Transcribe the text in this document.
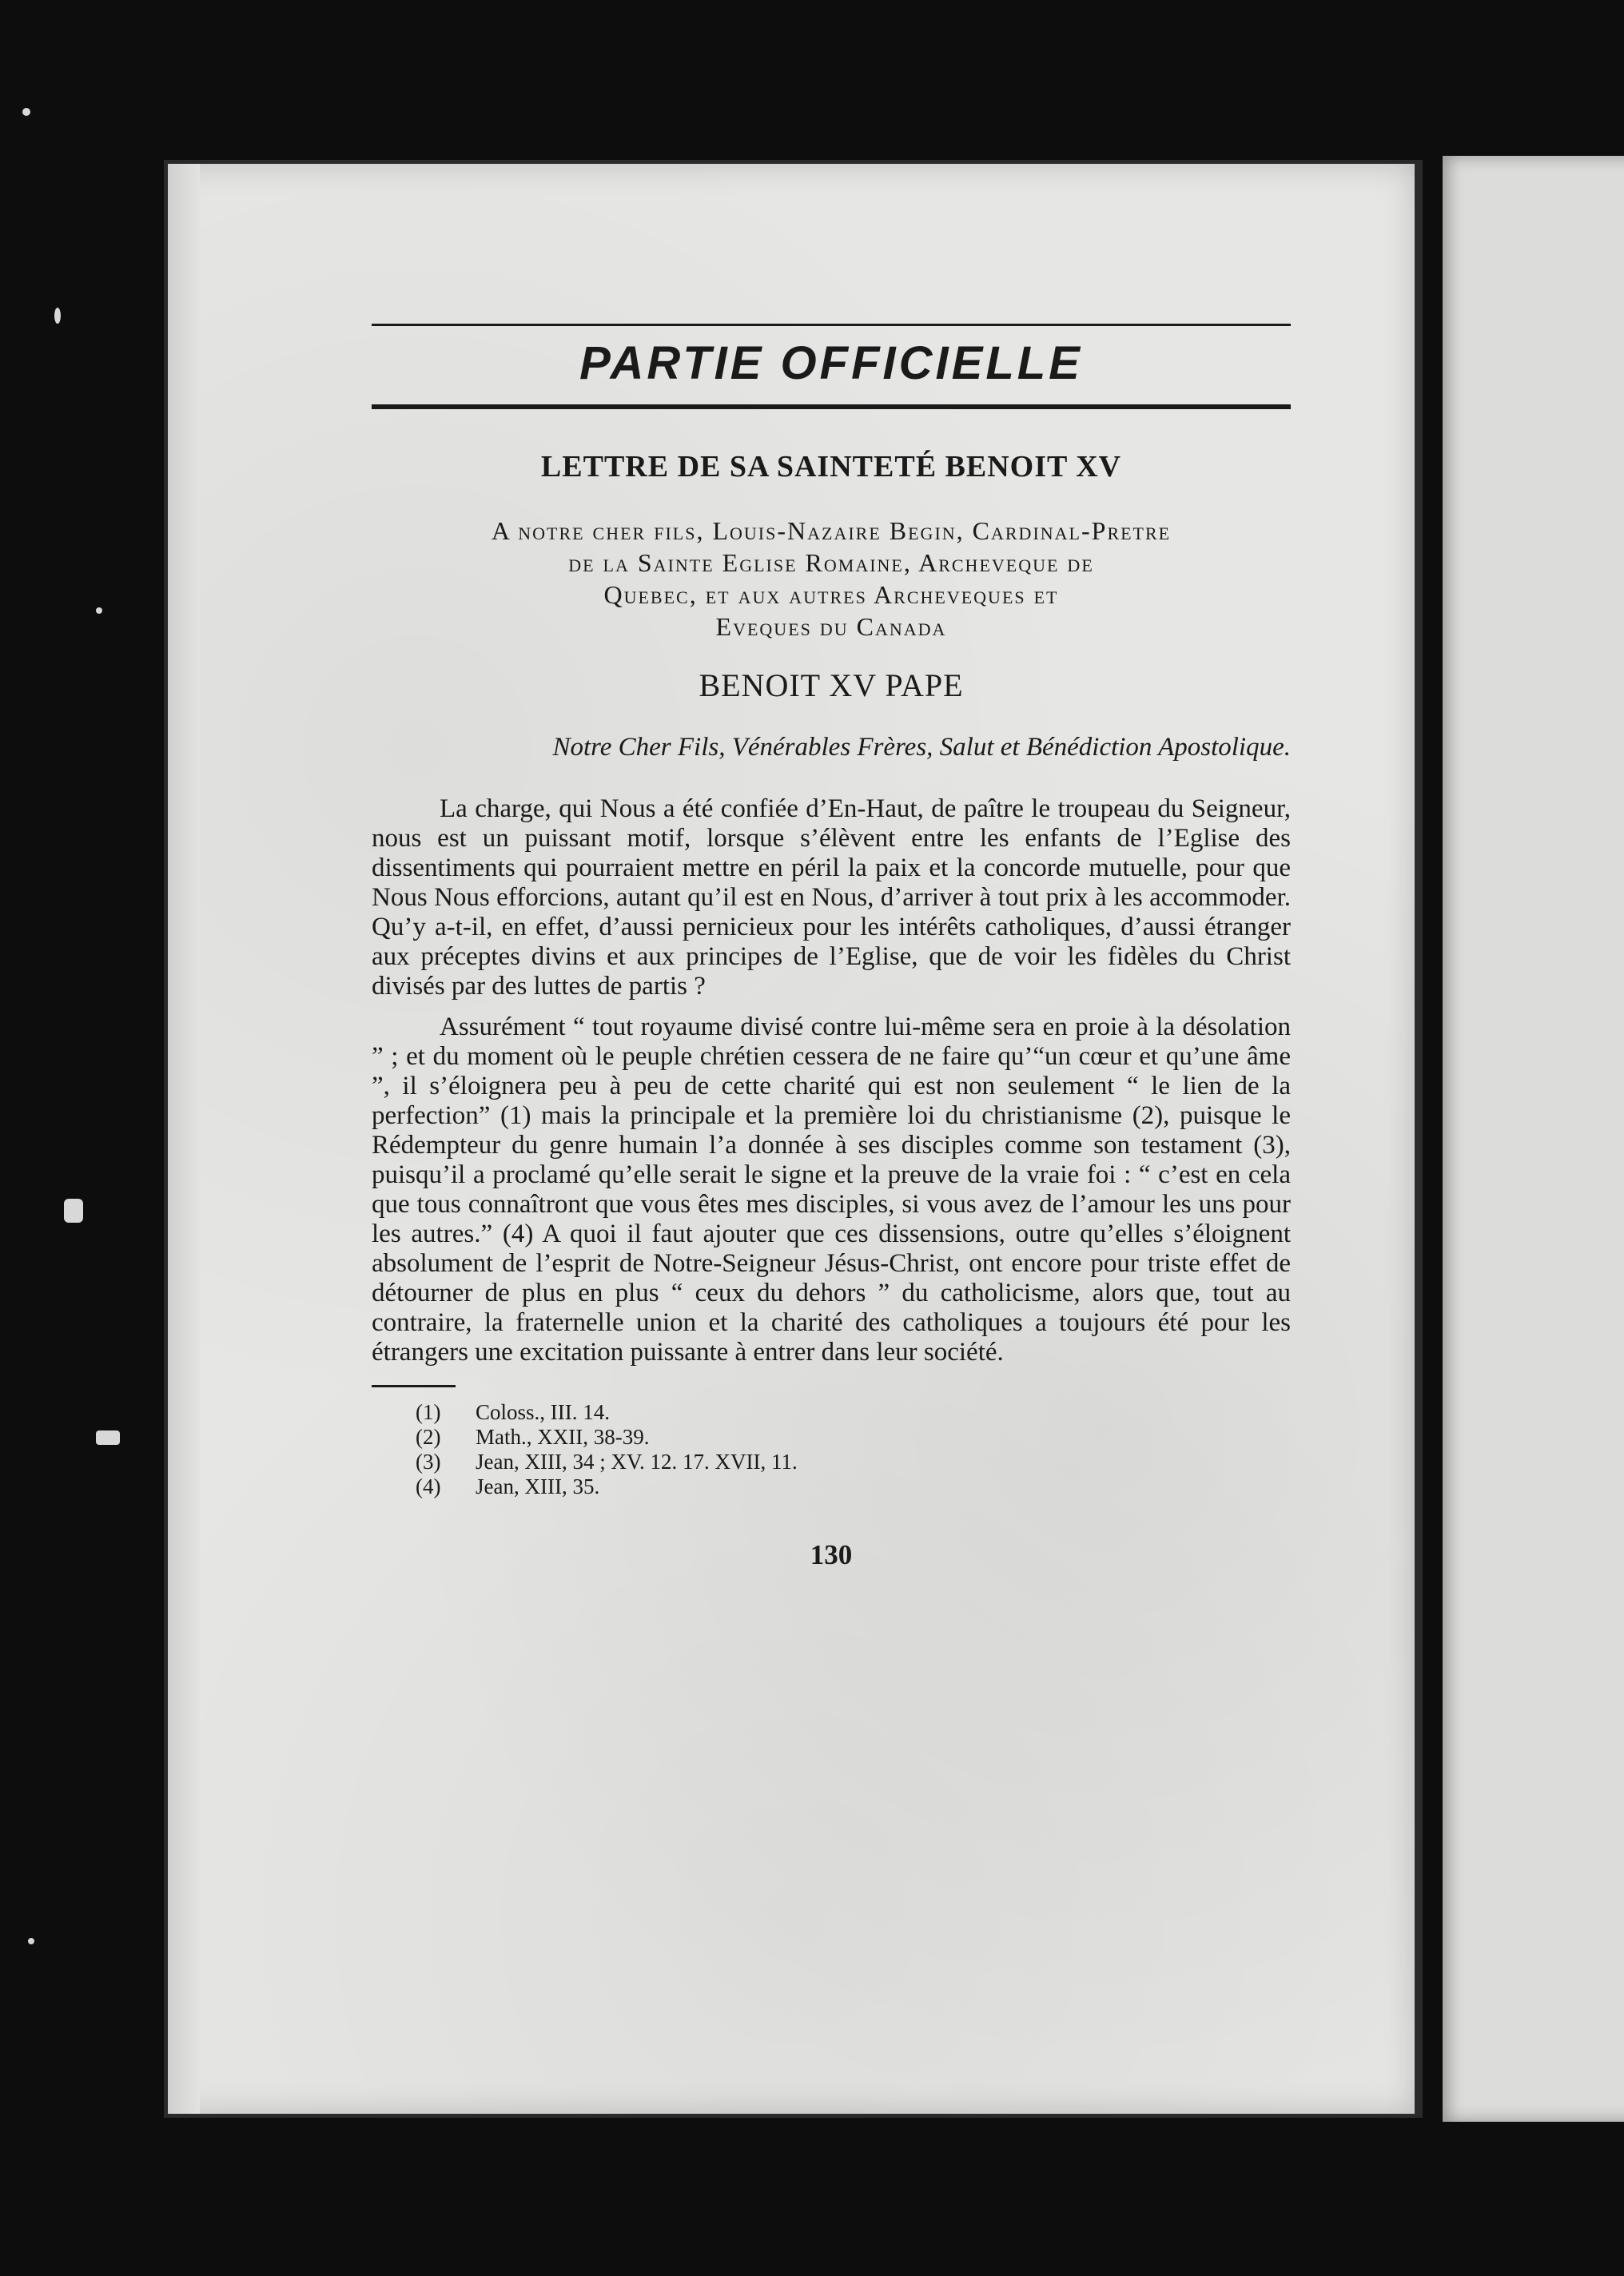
PARTIE OFFICIELLE
LETTRE DE SA SAINTETÉ BENOIT XV
A notre cher fils, Louis-Nazaire Begin, Cardinal-Pretre
de la Sainte Eglise Romaine, Archeveque de
Quebec, et aux autres Archeveques et
Eveques du Canada
BENOIT XV PAPE
Notre Cher Fils, Vénérables Frères, Salut et Bénédiction Apostolique.

La charge, qui Nous a été confiée d’En-Haut, de paître le troupeau du Seigneur, nous est un puissant motif, lorsque s’élèvent entre les enfants de l’Eglise des dissentiments qui pourraient mettre en péril la paix et la concorde mutuelle, pour que Nous Nous efforcions, autant qu’il est en Nous, d’arriver à tout prix à les accommoder. Qu’y a-t-il, en effet, d’aussi pernicieux pour les intérêts catholiques, d’aussi étranger aux préceptes divins et aux principes de l’Eglise, que de voir les fidèles du Christ divisés par des luttes de partis ?

Assurément “ tout royaume divisé contre lui-même sera en proie à la désolation ” ; et du moment où le peuple chrétien cessera de ne faire qu’“un cœur et qu’une âme ”, il s’éloignera peu à peu de cette charité qui est non seulement “ le lien de la perfection” (1) mais la principale et la première loi du christianisme (2), puisque le Rédempteur du genre humain l’a donnée à ses disciples comme son testament (3), puisqu’il a proclamé qu’elle serait le signe et la preuve de la vraie foi : “ c’est en cela que tous connaîtront que vous êtes mes disciples, si vous avez de l’amour les uns pour les autres.” (4) A quoi il faut ajouter que ces dissensions, outre qu’elles s’éloignent absolument de l’esprit de Notre-Seigneur Jésus-Christ, ont encore pour triste effet de détourner de plus en plus “ ceux du dehors ” du catholicisme, alors que, tout au contraire, la fraternelle union et la charité des catholiques a toujours été pour les étrangers une excitation puissante à entrer dans leur société.

(1)	Coloss., III. 14.
(2)	Math., XXII, 38-39.
(3)	Jean, XIII, 34 ; XV. 12. 17. XVII, 11.
(4)	Jean, XIII, 35.
130
